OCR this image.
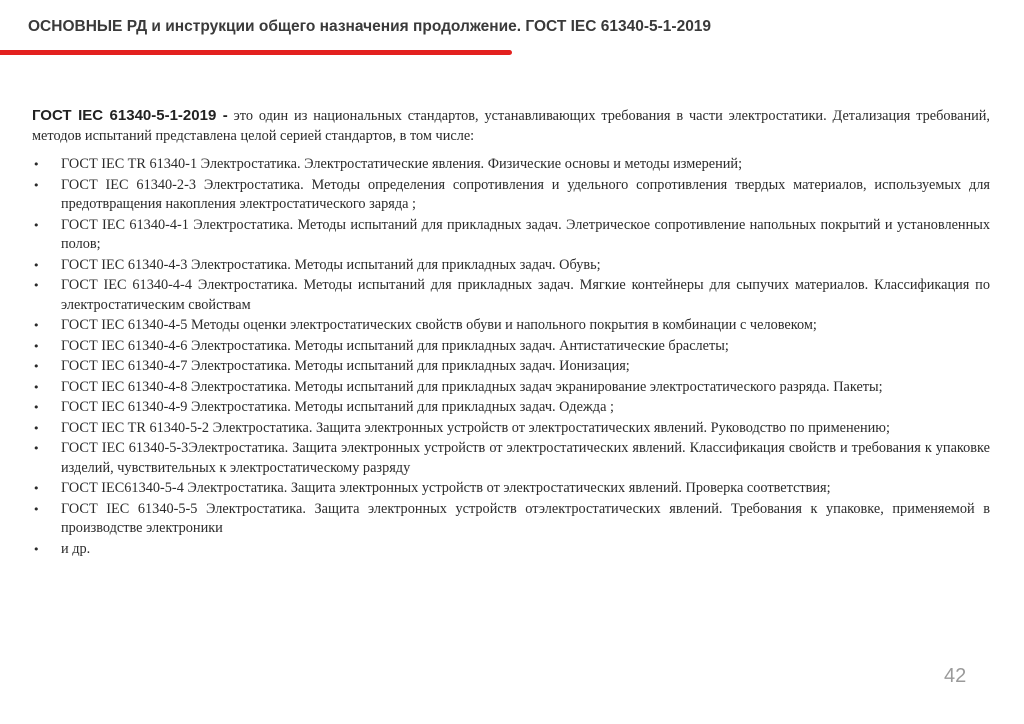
ОСНОВНЫЕ РД и инструкции общего назначения продолжение. ГОСТ IEC 61340-5-1-2019

ГОСТ IEC 61340-5-1-2019 - это один из национальных стандартов, устанавливающих требования в части электростатики. Детализация требований, методов испытаний представлена целой серией стандартов, в том числе:

• ГОСТ IEC TR 61340-1 Электростатика. Электростатические явления. Физические основы и методы измерений;
• ГОСТ IEC 61340-2-3 Электростатика. Методы определения сопротивления и удельного сопротивления твердых материалов, используемых для предотвращения накопления электростатического заряда ;
• ГОСТ IEC 61340-4-1 Электростатика. Методы испытаний для прикладных задач. Элетрическое сопротивление напольных покрытий и установленных полов;
• ГОСТ IEC 61340-4-3 Электростатика. Методы испытаний для прикладных задач. Обувь;
• ГОСТ IEC 61340-4-4 Электростатика. Методы испытаний для прикладных задач. Мягкие контейнеры для сыпучих материалов. Классификация по электростатическим свойствам
• ГОСТ IEC 61340-4-5 Методы оценки электростатических свойств обуви и напольного покрытия в комбинации с человеком;
• ГОСТ IEC 61340-4-6 Электростатика. Методы испытаний для прикладных задач. Антистатические браслеты;
• ГОСТ IEC 61340-4-7 Электростатика. Методы испытаний для прикладных задач. Ионизация;
• ГОСТ IEC 61340-4-8 Электростатика. Методы испытаний для прикладных задач экранирование электростатического разряда. Пакеты;
• ГОСТ IEC 61340-4-9 Электростатика. Методы испытаний для прикладных задач. Одежда ;
• ГОСТ IEC TR 61340-5-2 Электростатика. Защита электронных устройств от электростатических явлений. Руководство по применению;
• ГОСТ IEC 61340-5-3Электростатика. Защита электронных устройств от электростатических явлений. Классификация свойств и требования к упаковке изделий, чувствительных к электростатическому разряду
• ГОСТ IEC61340-5-4 Электростатика. Защита электронных устройств от электростатических явлений. Проверка соответствия;
• ГОСТ IEC 61340-5-5 Электростатика. Защита электронных устройств отэлектростатических явлений. Требования к упаковке, применяемой в производстве электроники
• и др.
42
